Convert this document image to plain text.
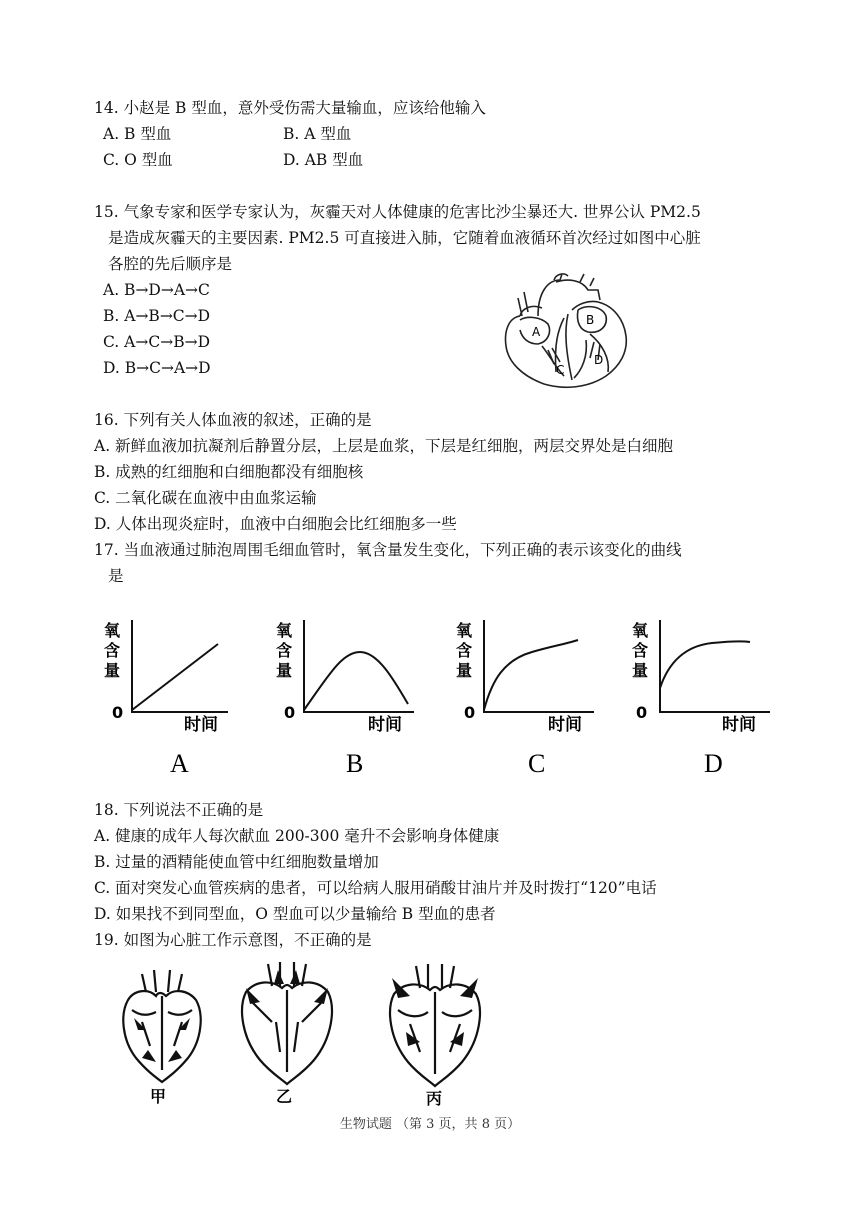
14. 小赵是 B 型血，意外受伤需大量输血，应该给他输入
A. B 型血	B. A 型血
C. O 型血	D. AB 型血
15. 气象专家和医学专家认为，灰霾天对人体健康的危害比沙尘暴还大. 世界公认 PM2.5
是造成灰霾天的主要因素. PM2.5 可直接进入肺，它随着血液循环首次经过如图中心脏
各腔的先后顺序是
A. B→D→A→C
B. A→B→C→D
C. A→C→B→D
D. B→C→A→D
A
B
C
D
16. 下列有关人体血液的叙述，正确的是
A. 新鲜血液加抗凝剂后静置分层，上层是血浆，下层是红细胞，两层交界处是白细胞
B. 成熟的红细胞和白细胞都没有细胞核
C. 二氧化碳在血液中由血浆运输
D. 人体出现炎症时，血液中白细胞会比红细胞多一些
17. 当血液通过肺泡周围毛细血管时，氧含量发生变化，下列正确的表示该变化的曲线
是
氧
含
量
0
时间
A
氧
含
量
0
时间
B
氧
含
量
0
时间
C
氧
含
量
0
时间
D
18. 下列说法不正确的是
A. 健康的成年人每次献血 200-300 毫升不会影响身体健康
B. 过量的酒精能使血管中红细胞数量增加
C. 面对突发心血管疾病的患者，可以给病人服用硝酸甘油片并及时拨打“120”电话
D. 如果找不到同型血，O 型血可以少量输给 B 型血的患者
19. 如图为心脏工作示意图，不正确的是
甲	乙	丙
生物试题 （第 3 页，共 8 页）
